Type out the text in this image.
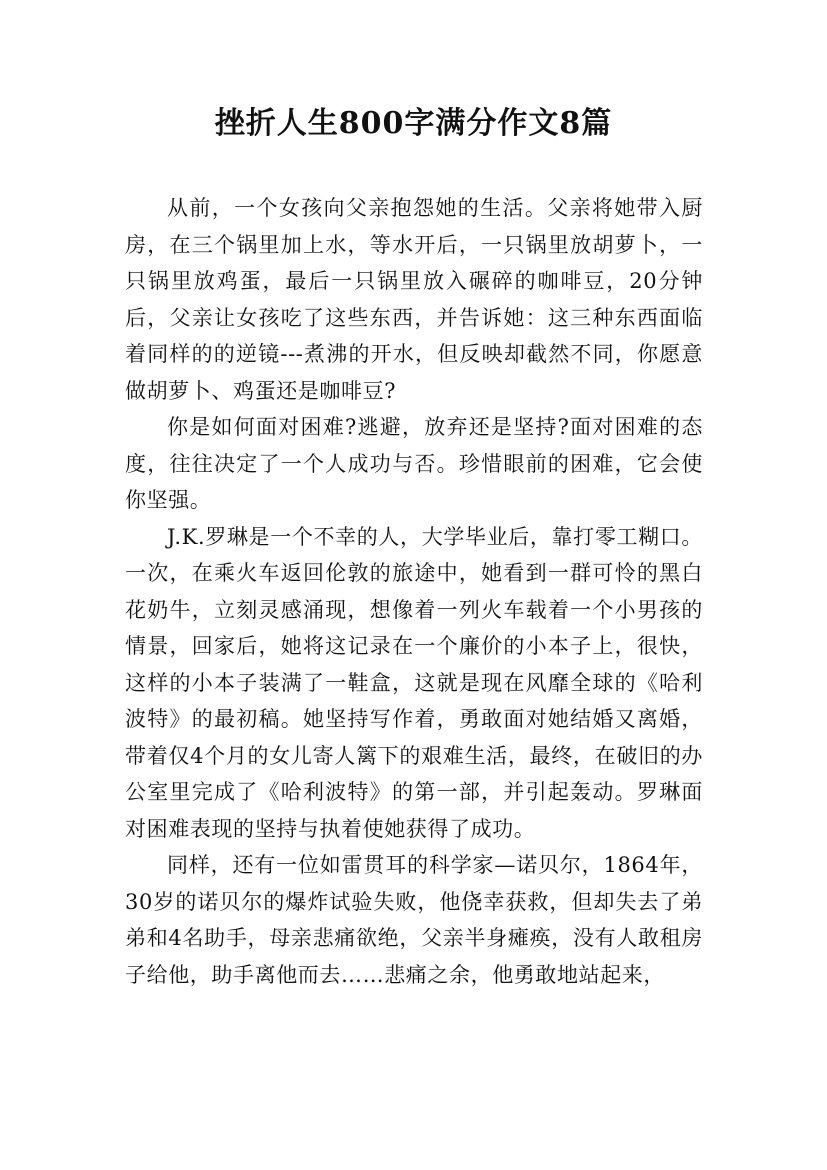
挫折人生800字满分作文8篇

从前，一个女孩向父亲抱怨她的生活。父亲将她带入厨房，在三个锅里加上水，等水开后，一只锅里放胡萝卜，一只锅里放鸡蛋，最后一只锅里放入碾碎的咖啡豆，20分钟后，父亲让女孩吃了这些东西，并告诉她：这三种东西面临着同样的的逆镜---煮沸的开水，但反映却截然不同，你愿意做胡萝卜、鸡蛋还是咖啡豆?

你是如何面对困难?逃避，放弃还是坚持?面对困难的态度，往往决定了一个人成功与否。珍惜眼前的困难，它会使你坚强。

J.K.罗琳是一个不幸的人，大学毕业后，靠打零工糊口。一次，在乘火车返回伦敦的旅途中，她看到一群可怜的黑白花奶牛，立刻灵感涌现，想像着一列火车载着一个小男孩的情景，回家后，她将这记录在一个廉价的小本子上，很快，这样的小本子装满了一鞋盒，这就是现在风靡全球的《哈利波特》的最初稿。她坚持写作着，勇敢面对她结婚又离婚，带着仅4个月的女儿寄人篱下的艰难生活，最终，在破旧的办公室里完成了《哈利波特》的第一部，并引起轰动。罗琳面对困难表现的坚持与执着使她获得了成功。

同样，还有一位如雷贯耳的科学家—诺贝尔，1864年，30岁的诺贝尔的爆炸试验失败，他侥幸获救，但却失去了弟弟和4名助手，母亲悲痛欲绝，父亲半身瘫痪，没有人敢租房子给他，助手离他而去……悲痛之余，他勇敢地站起来，
